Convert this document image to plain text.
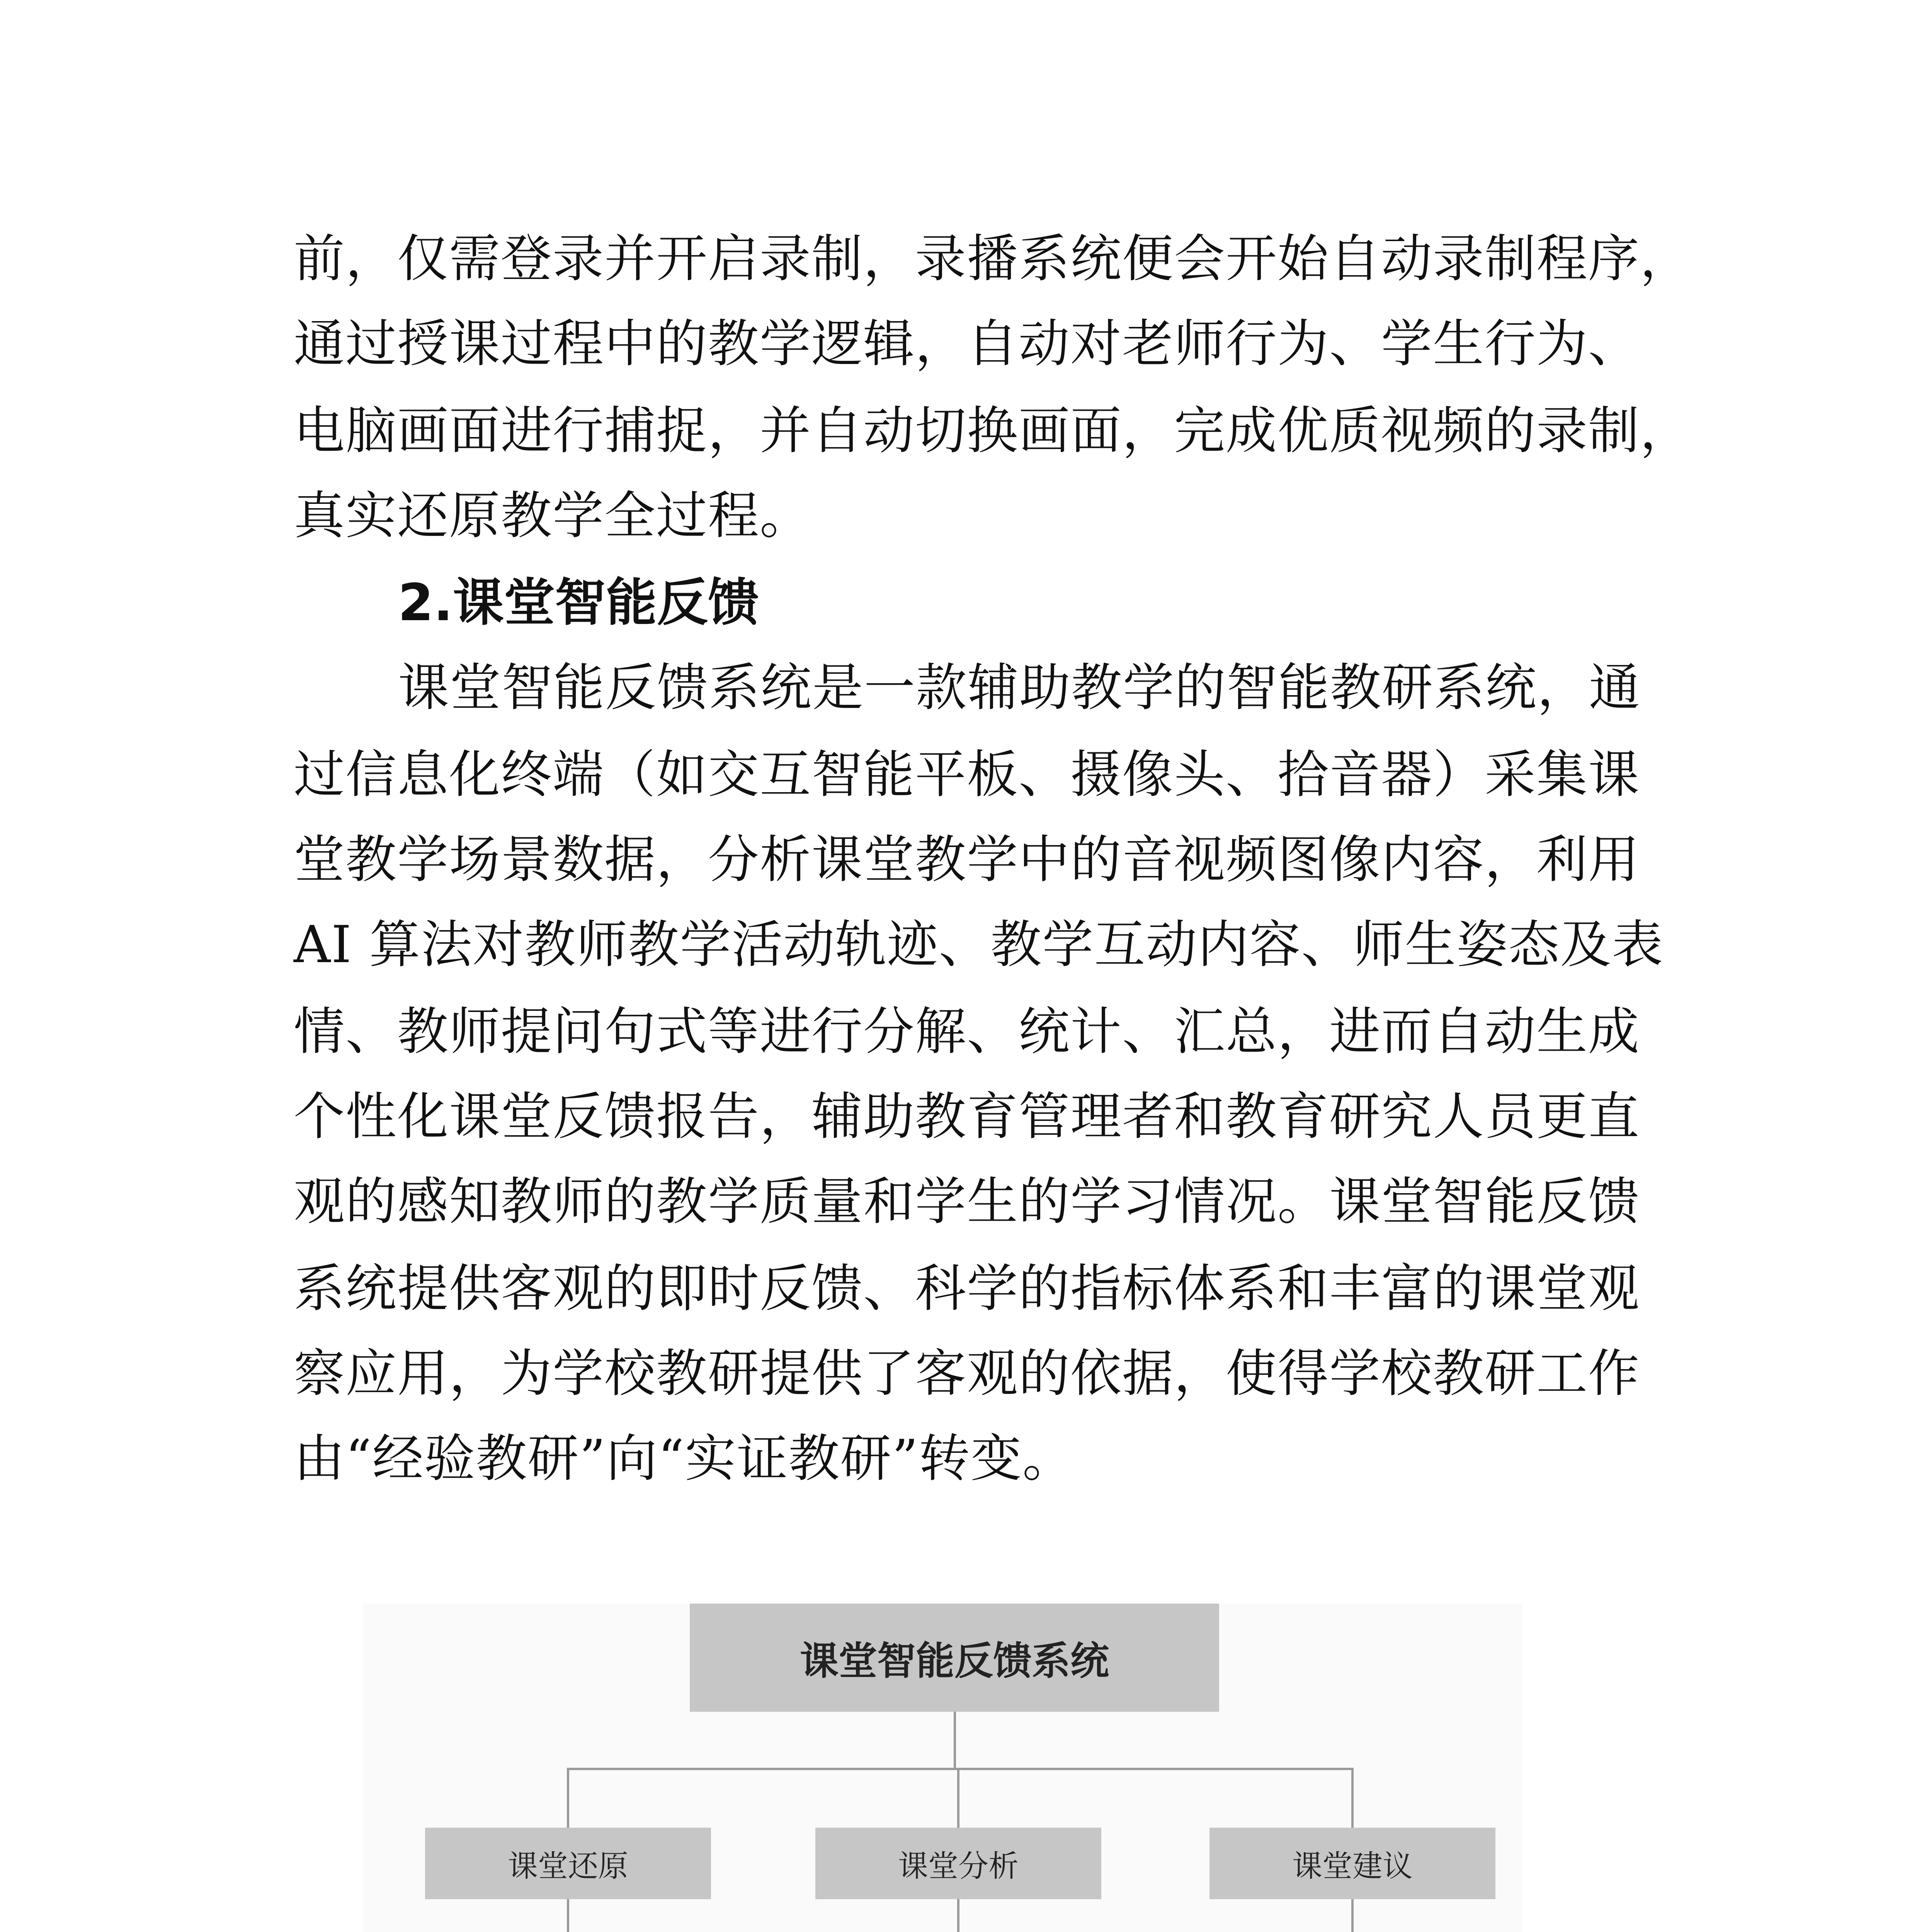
前，仅需登录并开启录制，录播系统便会开始自动录制程序，

通过授课过程中的教学逻辑，自动对老师行为、学生行为、

电脑画面进行捕捉，并自动切换画面，完成优质视频的录制，

真实还原教学全过程。

2.课堂智能反馈

课堂智能反馈系统是一款辅助教学的智能教研系统，通

过信息化终端（如交互智能平板、摄像头、拾音器）采集课

堂教学场景数据，分析课堂教学中的音视频图像内容，利用

AI 算法对教师教学活动轨迹、教学互动内容、师生姿态及表

情、教师提问句式等进行分解、统计、汇总，进而自动生成

个性化课堂反馈报告，辅助教育管理者和教育研究人员更直

观的感知教师的教学质量和学生的学习情况。课堂智能反馈

系统提供客观的即时反馈、科学的指标体系和丰富的课堂观

察应用，为学校教研提供了客观的依据，使得学校教研工作

由“经验教研”向“实证教研”转变。

课堂智能反馈系统
课堂还原	课堂分析	课堂建议
